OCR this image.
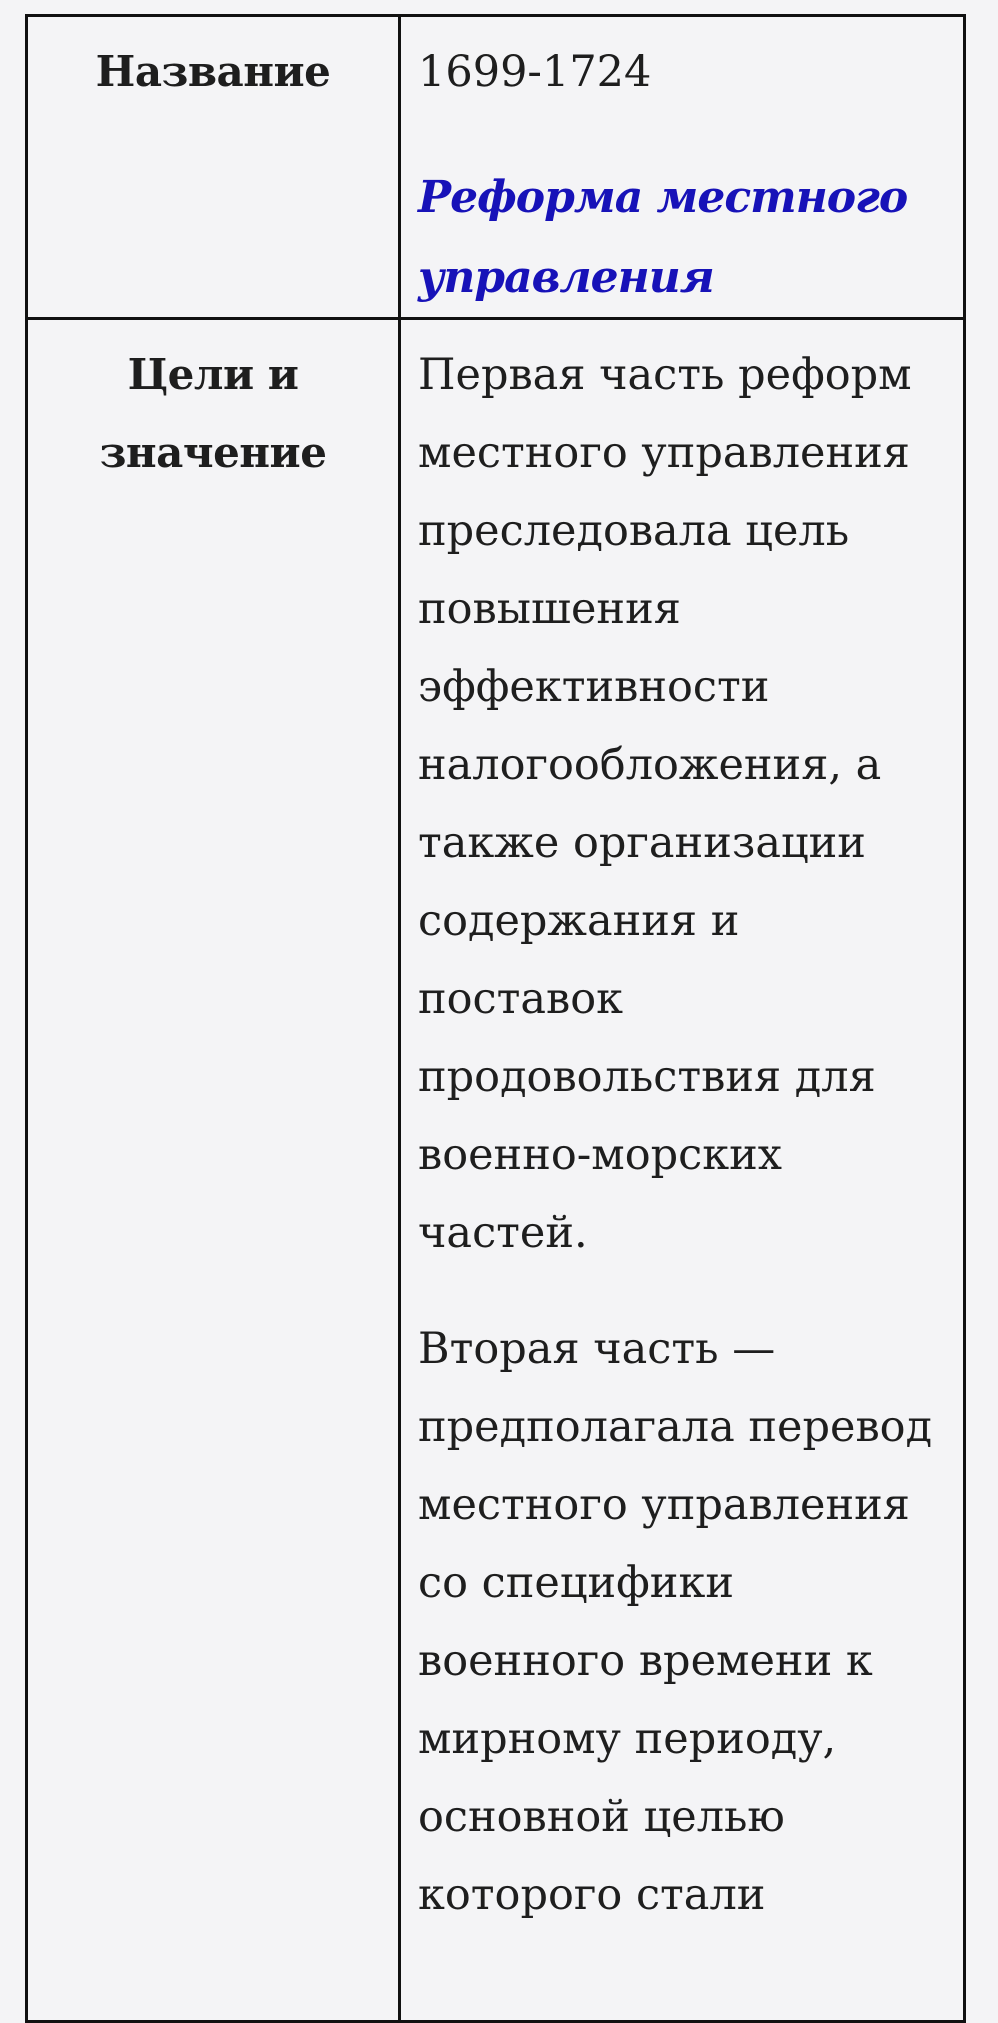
Название	1699-1724

Реформа местного управления

Цели и значение	Первая часть реформ местного управления преследовала цель повышения эффективности налогообложения, а также организации содержания и поставок продовольствия для военно-морских частей.

Вторая часть — предполагала перевод местного управления со специфики военного времени к мирному периоду, основной целью которого стали
